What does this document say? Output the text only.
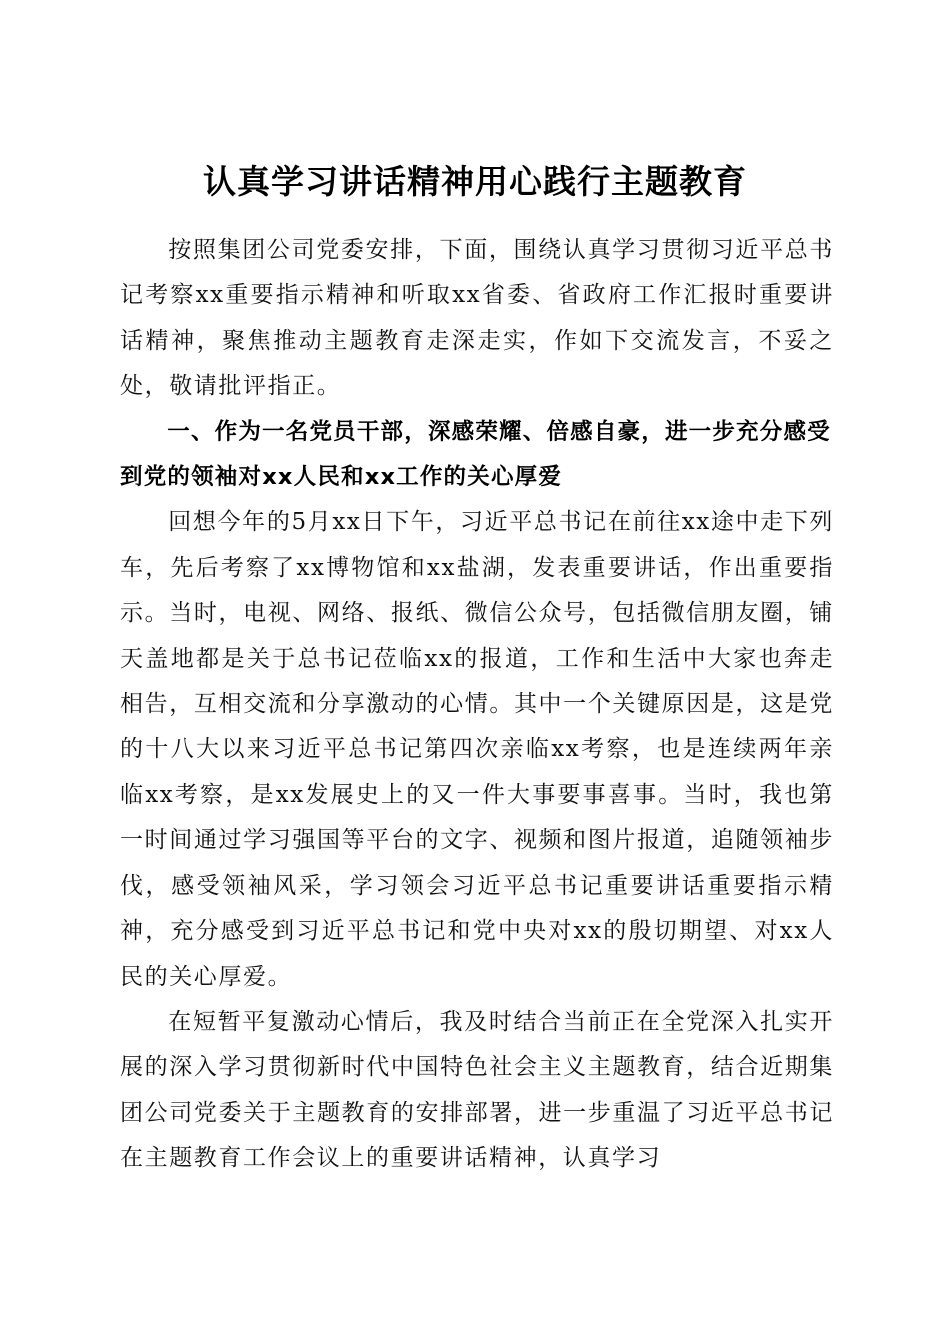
认真学习讲话精神用心践行主题教育

按照集团公司党委安排，下面，围绕认真学习贯彻习近平总书记考察xx重要指示精神和听取xx省委、省政府工作汇报时重要讲话精神，聚焦推动主题教育走深走实，作如下交流发言，不妥之处，敬请批评指正。

一、作为一名党员干部，深感荣耀、倍感自豪，进一步充分感受到党的领袖对xx人民和xx工作的关心厚爱

回想今年的5月xx日下午，习近平总书记在前往xx途中走下列车，先后考察了xx博物馆和xx盐湖，发表重要讲话，作出重要指示。当时，电视、网络、报纸、微信公众号，包括微信朋友圈，铺天盖地都是关于总书记莅临xx的报道，工作和生活中大家也奔走相告，互相交流和分享激动的心情。其中一个关键原因是，这是党的十八大以来习近平总书记第四次亲临xx考察，也是连续两年亲临xx考察，是xx发展史上的又一件大事要事喜事。当时，我也第一时间通过学习强国等平台的文字、视频和图片报道，追随领袖步伐，感受领袖风采，学习领会习近平总书记重要讲话重要指示精神，充分感受到习近平总书记和党中央对xx的殷切期望、对xx人民的关心厚爱。

在短暂平复激动心情后，我及时结合当前正在全党深入扎实开展的深入学习贯彻新时代中国特色社会主义主题教育，结合近期集团公司党委关于主题教育的安排部署，进一步重温了习近平总书记在主题教育工作会议上的重要讲话精神，认真学习
